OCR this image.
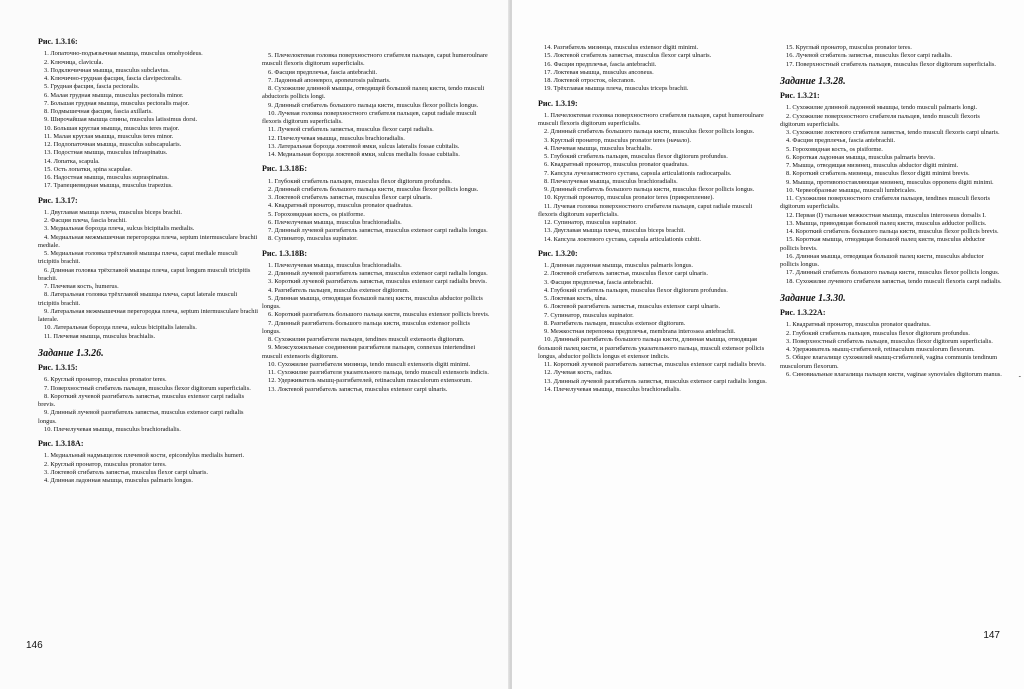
Рис. 1.3.16:

1. Лопаточно-подъязычная мышца, musculus omohyoideus.

2. Ключица, clavicula.

3. Подключичная мышца, musculus subclavius.

4. Ключично-грудная фасция, fascia clavipectoralis.

5. Грудная фасция, fascia pectoralis.

6. Малая грудная мышца, musculus pectoralis minor.

7. Большая грудная мышца, musculus pectoralis major.

8. Подмышечная фасция, fascia axillaris.

9. Широчайшая мышца спины, musculus latissimus dorsi.

10. Большая круглая мышца, musculus teres major.

11. Малая круглая мышца, musculus teres minor.

12. Подлопаточная мышца, musculus subscapularis.

13. Подостная мышца, musculus infraspinatus.

14. Лопатка, scapula.

15. Ость лопатки, spina scapulae.

16. Надостная мышца, musculus supraspinatus.

17. Трапециевидная мышца, musculus trapezius.

Рис. 1.3.17:

1. Двуглавая мышца плеча, musculus biceps brachii.

2. Фасция плеча, fascia brachii.

3. Медиальная борозда плеча, sulcus bicipitalis medialis.

4. Медиальная межмышечная перегородка плеча, septum intermusculare brachii mediale.

5. Медиальная головка трёхглавой мышцы плеча, caput mediale musculi tricipitis brachii.

6. Длинная головка трёхглавой мышцы плеча, caput longum musculi tricipitis brachii.

7. Плечевая кость, humerus.

8. Латеральная головка трёхглавой мышцы плеча, caput laterale musculi tricipitis brachii.

9. Латеральная межмышечная перегородка плеча, septum intermusculare brachii laterale.

10. Латеральная борозда плеча, sulcus bicipitalis lateralis.

11. Плечевая мышца, musculus brachialis.

Задание 1.3.26.
Рис. 1.3.15:

6. Круглый пронатор, musculus pronator teres.

7. Поверхностный сгибатель пальцев, musculus flexor digitorum superficialis.

8. Короткий лучевой разгибатель запястья, musculus extensor carpi radialis brevis.

9. Длинный лучевой разгибатель запястья, musculus extensor carpi radialis longus.

10. Плечелучевая мышца, musculus brachioradialis.

Рис. 1.3.18А:

1. Медиальный надмыщелок плечевой кости, epicondylus medialis humeri.

2. Круглый пронатор, musculus pronator teres.

3. Локтевой сгибатель запястья, musculus flexor carpi ulnaris.

4. Длинная ладонная мышца, musculus palmaris longus.

5. Плечелоктевая головка поверхностного сгибателя пальцев, caput humeroulnare musculi flexoris digitorum superficialis.

6. Фасция предплечья, fascia antebrachii.

7. Ладонный апоневроз, aponeurosis palmaris.

8. Сухожилие длинной мышцы, отводящей большой палец кисти, tendo musculi abductoris pollicis longi.

9. Длинный сгибатель большого пальца кисти, musculus flexor pollicis longus.

10. Лучевая головка поверхностного сгибателя пальцев, caput radiale musculi flexoris digitorum superficialis.

11. Лучевой сгибатель запястья, musculus flexor carpi radialis.

12. Плечелучевая мышца, musculus brachioradialis.

13. Латеральная борозда локтевой ямки, sulcus lateralis fossae cubitalis.

14. Медиальная борозда локтевой ямки, sulcus medialis fossae cubitalis.

Рис. 1.3.18Б:

1. Глубокий сгибатель пальцев, musculus flexor digitorum profundus.

2. Длинный сгибатель большого пальца кисти, musculus flexor pollicis longus.

3. Локтевой сгибатель запястья, musculus flexor carpi ulnaris.

4. Квадратный пронатор, musculus pronator quadratus.

5. Гороховидная кость, os pisiforme.

6. Плечелучевая мышца, musculus brachioradialis.

7. Длинный лучевой разгибатель запястья, musculus extensor carpi radialis longus.

8. Супинатор, musculus supinator.

Рис. 1.3.18В:

1. Плечелучевая мышца, musculus brachioradialis.

2. Длинный лучевой разгибатель запястья, musculus extensor carpi radialis longus.

3. Короткий лучевой разгибатель запястья, musculus extensor carpi radialis brevis.

4. Разгибатель пальцев, musculus extensor digitorum.

5. Длинная мышца, отводящая большой палец кисти, musculus abductor pollicis longus.

6. Короткий разгибатель большого пальца кисти, musculus extensor pollicis brevis.

7. Длинный разгибатель большого пальца кисти, musculus extensor pollicis longus.

8. Сухожилия разгибателя пальцев, tendines musculi extensoris digitorum.

9. Межсухожильные соединения разгибателя пальцев, connexus intertendinei musculi extensoris digitorum.

10. Сухожилие разгибателя мизинца, tendo musculi extensoris digiti minimi.

11. Сухожилие разгибателя указательного пальца, tendo musculi extensoris indicis.

12. Удерживатель мышц-разгибателей, retinaculum musculorum extensorum.

13. Локтевой разгибатель запястья, musculus extensor carpi ulnaris.

146

14. Разгибатель мизинца, musculus extensor digiti minimi.

15. Локтевой сгибатель запястья, musculus flexor carpi ulnaris.

16. Фасция предплечья, fascia antebrachii.

17. Локтевая мышца, musculus anconeus.

18. Локтевой отросток, olecranon.

19. Трёхглавая мышца плеча, musculus triceps brachii.

Рис. 1.3.19:

1. Плечелоктевая головка поверхностного сгибателя пальцев, caput humeroulnare musculi flexoris digitorum superficialis.

2. Длинный сгибатель большого пальца кисти, musculus flexor pollicis longus.

3. Круглый пронатор, musculus pronator teres (начало).

4. Плечевая мышца, musculus brachialis.

5. Глубокий сгибатель пальцев, musculus flexor digitorum profundus.

6. Квадратный пронатор, musculus pronator quadratus.

7. Капсула лучезапястного сустава, capsula articulationis radiocarpalis.

8. Плечелучевая мышца, musculus brachioradialis.

9. Длинный сгибатель большого пальца кисти, musculus flexor pollicis longus.

10. Круглый пронатор, musculus pronator teres (прикрепление).

11. Лучевая головка поверхностного сгибателя пальцев, caput radiale musculi flexoris digitorum superficialis.

12. Супинатор, musculus supinator.

13. Двуглавая мышца плеча, musculus biceps brachii.

14. Капсула локтевого сустава, capsula articulationis cubiti.

Рис. 1.3.20:

1. Длинная ладонная мышца, musculus palmaris longus.

2. Локтевой сгибатель запястья, musculus flexor carpi ulnaris.

3. Фасция предплечья, fascia antebrachii.

4. Глубокий сгибатель пальцев, musculus flexor digitorum profundus.

5. Локтевая кость, ulna.

6. Локтевой разгибатель запястья, musculus extensor carpi ulnaris.

7. Супинатор, musculus supinator.

8. Разгибатель пальцев, musculus extensor digitorum.

9. Межкостная перепонка предплечья, membrana interossea antebrachii.

10. Длинный разгибатель большого пальца кисти, длинная мышца, отводящая большой палец кисти, и разгибатель указательного пальца, musculi extensor pollicis longus, abductor pollicis longus et extensor indicis.

11. Короткий лучевой разгибатель запястья, musculus extensor carpi radialis brevis.

12. Лучевая кость, radius.

13. Длинный лучевой разгибатель запястья, musculus extensor carpi radialis longus.

14. Плечелучевая мышца, musculus brachioradialis.

15. Круглый пронатор, musculus pronator teres.

16. Лучевой сгибатель запястья, musculus flexor carpi radialis.

17. Поверхностный сгибатель пальцев, musculus flexor digitorum superficialis.

Задание 1.3.28.
Рис. 1.3.21:

1. Сухожилие длинной ладонной мышцы, tendo musculi palmaris longi.

2. Сухожилие поверхностного сгибателя пальцев, tendo musculi flexoris digitorum superficialis.

3. Сухожилие локтевого сгибателя запястья, tendo musculi flexoris carpi ulnaris.

4. Фасция предплечья, fascia antebrachii.

5. Гороховидная кость, os pisiforme.

6. Короткая ладонная мышца, musculus palmaris brevis.

7. Мышца, отводящая мизинец, musculus abductor digiti minimi.

8. Короткий сгибатель мизинца, musculus flexor digiti minimi brevis.

9. Мышца, противопоставляющая мизинец, musculus opponens digiti minimi.

10. Червеобразные мышцы, musculi lumbricales.

11. Сухожилия поверхностного сгибателя пальцев, tendines musculi flexoris digitorum superficialis.

12. Первая (I) тыльная межкостная мышца, musculus interosseus dorsalis I.

13. Мышца, приводящая большой палец кисти, musculus adductor pollicis.

14. Короткий сгибатель большого пальца кисти, musculus flexor pollicis brevis.

15. Короткая мышца, отводящая большой палец кисти, musculus abductor pollicis brevis.

16. Длинная мышца, отводящая большой палец кисти, musculus abductor pollicis longus.

17. Длинный сгибатель большого пальца кисти, musculus flexor pollicis longus.

18. Сухожилие лучевого сгибателя запястья, tendo musculi flexoris carpi radialis.

Задание 1.3.30.
Рис. 1.3.22А:

1. Квадратный пронатор, musculus pronator quadratus.

2. Глубокий сгибатель пальцев, musculus flexor digitorum profundus.

3. Поверхностный сгибатель пальцев, musculus flexor digitorum superficialis.

4. Удерживатель мышц-сгибателей, retinaculum musculorum flexorum.

5. Общее влагалище сухожилий мышц-сгибателей, vagina communis tendinum musculorum flexorum.

6. Синовиальные влагалища пальцев кисти, vaginae synoviales digitorum manus.

147
-
